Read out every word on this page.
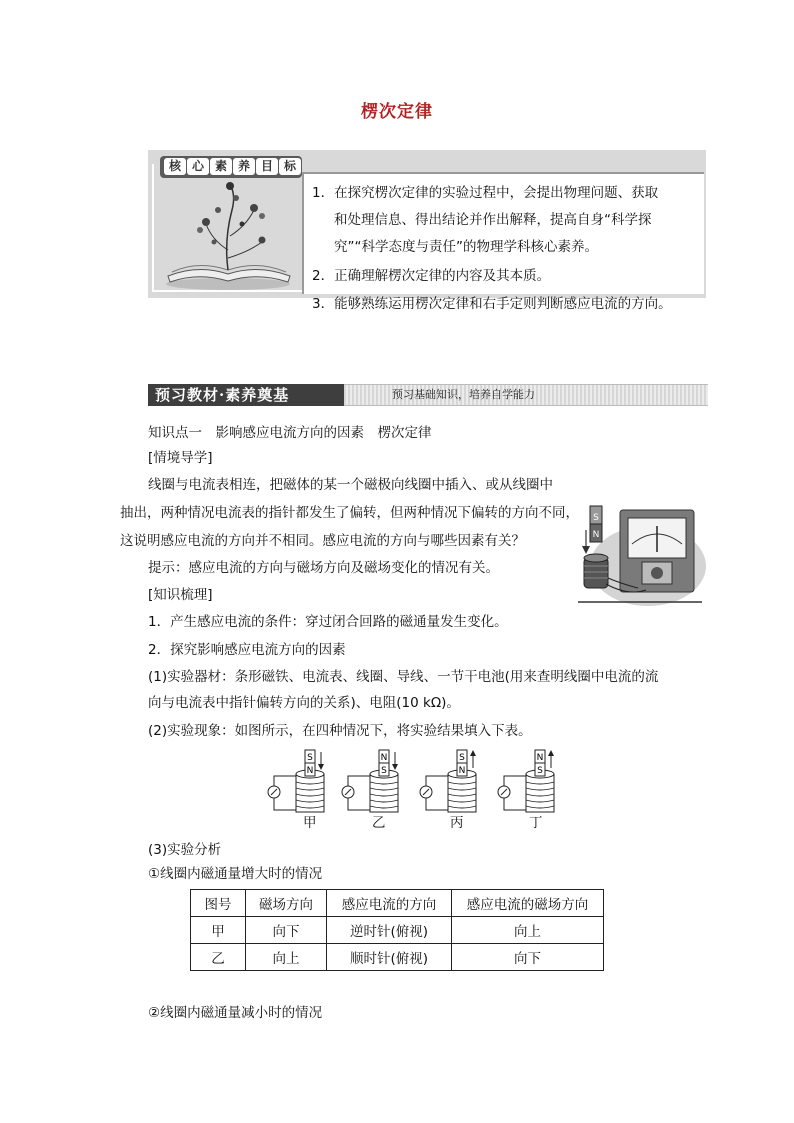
楞次定律
核 心 素 养 目 标
1．在探究楞次定律的实验过程中，会提出物理问题、获取
和处理信息、得出结论并作出解释，提高自身“科学探
究”“科学态度与责任”的物理学科核心素养。
2．正确理解楞次定律的内容及其本质。
3．能够熟练运用楞次定律和右手定则判断感应电流的方向。
预习教材·素养奠基	预习基础知识，培养自学能力
知识点一　影响感应电流方向的因素　楞次定律
[情境导学]
线圈与电流表相连，把磁体的某一个磁极向线圈中插入、或从线圈中
抽出，两种情况电流表的指针都发生了偏转，但两种情况下偏转的方向不同，
这说明感应电流的方向并不相同。感应电流的方向与哪些因素有关？
提示：感应电流的方向与磁场方向及磁场变化的情况有关。
[知识梳理]
1．产生感应电流的条件：穿过闭合回路的磁通量发生变化。
2．探究影响感应电流方向的因素
(1)实验器材：条形磁铁、电流表、线圈、导线、一节干电池(用来查明线圈中电流的流
向与电流表中指针偏转方向的关系)、电阻(10 kΩ)。
(2)实验现象：如图所示，在四种情况下，将实验结果填入下表。
S
N
S
N
N
S
S
N
N
S
甲	乙	丙	丁
(3)实验分析
①线圈内磁通量增大时的情况
图号	磁场方向	感应电流的方向	感应电流的磁场方向
甲	向下	逆时针(俯视)	向上
乙	向上	顺时针(俯视)	向下
②线圈内磁通量减小时的情况
